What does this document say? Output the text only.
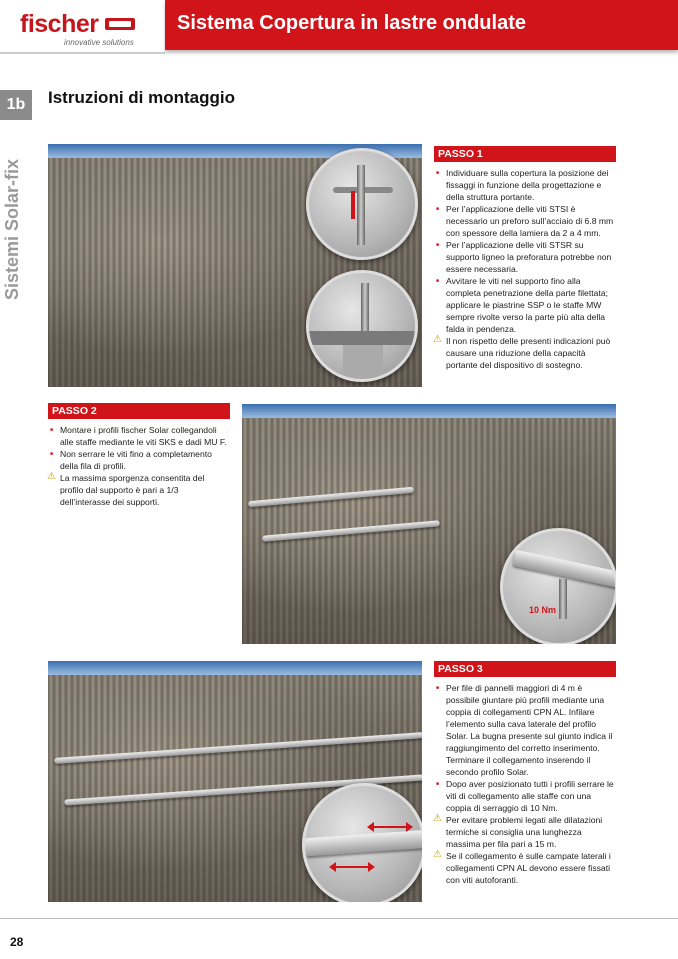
fischer
innovative solutions
Sistema Copertura in lastre ondulate
1b
Sistemi Solar-fix
Istruzioni di montaggio
PASSO 1
■ Individuare sulla copertura la posizione dei fissaggi in funzione della progettazione e della struttura portante.
■ Per l’applicazione delle viti STSI è necessario un preforo sull’acciaio di 6.8 mm con spessore della lamiera da 2 a 4 mm.
■ Per l’applicazione delle viti STSR su supporto ligneo la preforatura potrebbe non essere necessaria.
■ Avvitare le viti nel supporto fino alla completa penetrazione della parte filettata; applicare le piastrine SSP o le staffe MW sempre rivolte verso la parte più alta della falda in pendenza.
⚠ Il non rispetto delle presenti indicazioni può causare una riduzione della capacità portante del dispositivo di sostegno.
PASSO 2
■ Montare i profili fischer Solar collegandoli alle staffe mediante le viti SKS e dadi MU F.
■ Non serrare le viti fino a completamento della fila di profili.
⚠ La massima sporgenza consentita del profilo dal supporto è pari a 1/3 dell’interasse dei supporti.
10 Nm
PASSO 3
■ Per file di pannelli maggiori di 4 m è possibile giuntare più profili mediante una coppia di collegamenti CPN AL. Infilare l’elemento sulla cava laterale del profilo Solar. La bugna presente sul giunto indica il raggiungimento del corretto inserimento. Terminare il collegamento inserendo il secondo profilo Solar.
■ Dopo aver posizionato tutti i profili serrare le viti di collegamento alle staffe con una coppia di serraggio di 10 Nm.
⚠ Per evitare problemi legati alle dilatazioni termiche si consiglia una lunghezza massima per fila pari a 15 m.
⚠ Se il collegamento è sulle campate laterali i collegamenti CPN AL devono essere fissati con viti autoforanti.
28
